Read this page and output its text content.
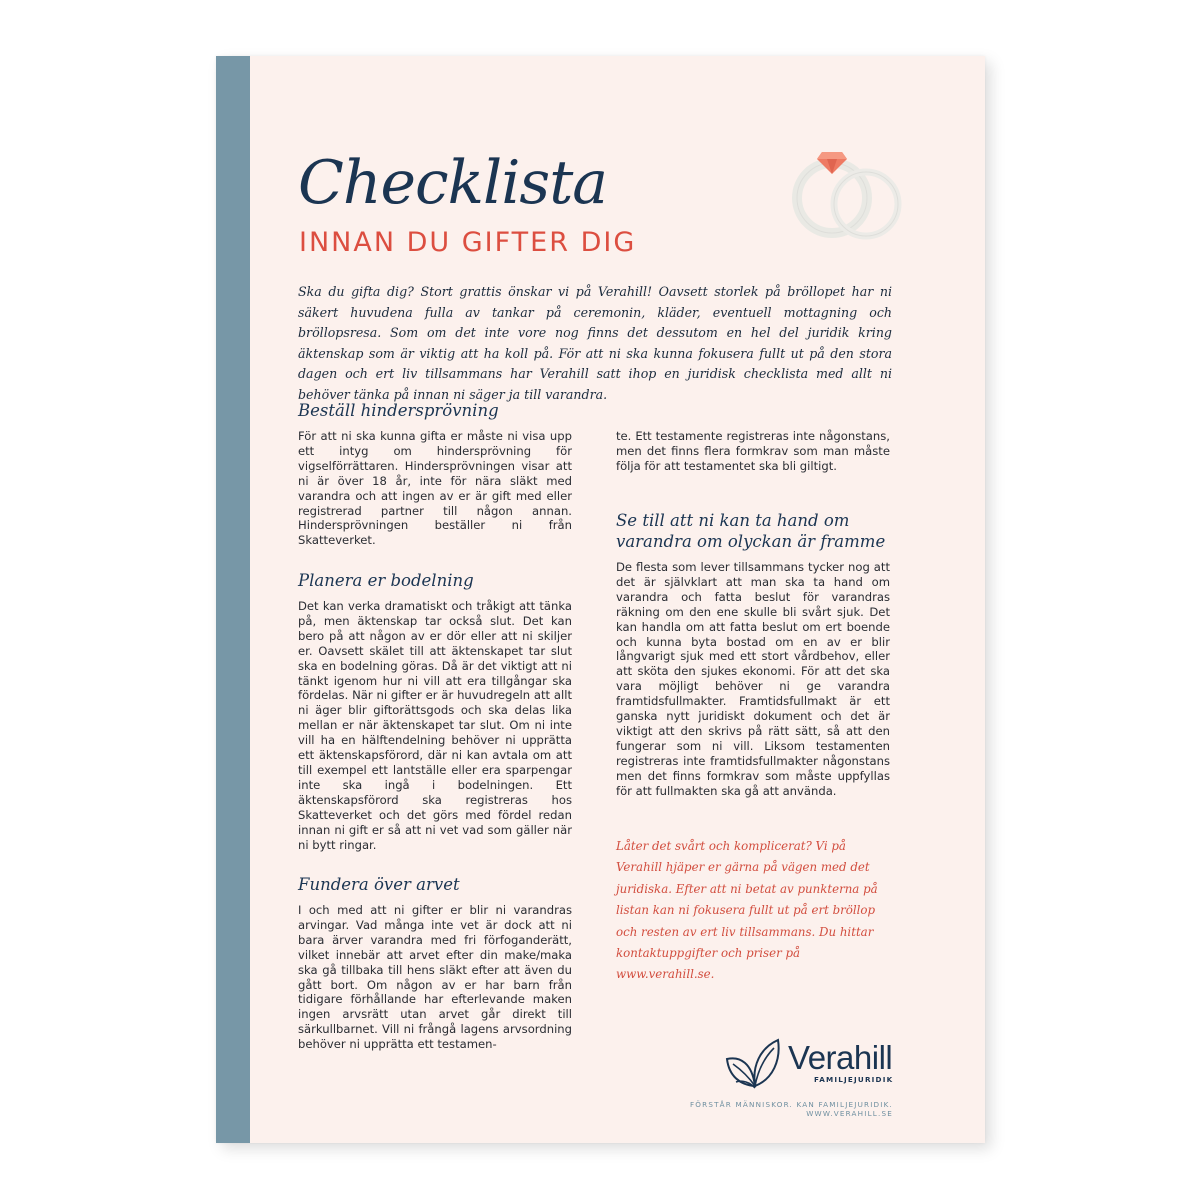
Checklista
INNAN DU GIFTER DIG

Ska du gifta dig? Stort grattis önskar vi på Verahill! Oavsett storlek på bröllopet har ni säkert huvudena fulla av tankar på ceremonin, kläder, eventuell mottagning och bröllopsresa. Som om det inte vore nog finns det dessutom en hel del juridik kring äktenskap som är viktig att ha koll på. För att ni ska kunna fokusera fullt ut på den stora dagen och ert liv tillsammans har Verahill satt ihop en juridisk checklista med allt ni behöver tänka på innan ni säger ja till varandra.

Beställ hindersprövning

För att ni ska kunna gifta er måste ni visa upp ett intyg om hindersprövning för vigselförrättaren. Hindersprövningen visar att ni är över 18 år, inte för nära släkt med varandra och att ingen av er är gift med eller registrerad partner till någon annan. Hindersprövningen beställer ni från Skatteverket.

Planera er bodelning

Det kan verka dramatiskt och tråkigt att tänka på, men äktenskap tar också slut. Det kan bero på att någon av er dör eller att ni skiljer er. Oavsett skälet till att äktenskapet tar slut ska en bodelning göras. Då är det viktigt att ni tänkt igenom hur ni vill att era tillgångar ska fördelas. När ni gifter er är huvudregeln att allt ni äger blir giftorättsgods och ska delas lika mellan er när äktenskapet tar slut. Om ni inte vill ha en hälftendelning behöver ni upprätta ett äktenskapsförord, där ni kan avtala om att till exempel ett lantställe eller era sparpengar inte ska ingå i bodelningen. Ett äktenskapsförord ska registreras hos Skatteverket och det görs med fördel redan innan ni gift er så att ni vet vad som gäller när ni bytt ringar.

Fundera över arvet

I och med att ni gifter er blir ni varandras arvingar. Vad många inte vet är dock att ni bara ärver varandra med fri förfoganderätt, vilket innebär att arvet efter din make/maka ska gå tillbaka till hens släkt efter att även du gått bort. Om någon av er har barn från tidigare förhållande har efterlevande maken ingen arvsrätt utan arvet går direkt till särkullbarnet. Vill ni frångå lagens arvsordning behöver ni upprätta ett testamen-

te. Ett testamente registreras inte någonstans, men det finns flera formkrav som man måste följa för att testamentet ska bli giltigt.

Se till att ni kan ta hand om varandra om olyckan är framme

De flesta som lever tillsammans tycker nog att det är självklart att man ska ta hand om varandra och fatta beslut för varandras räkning om den ene skulle bli svårt sjuk. Det kan handla om att fatta beslut om ert boende och kunna byta bostad om en av er blir långvarigt sjuk med ett stort vårdbehov, eller att sköta den sjukes ekonomi. För att det ska vara möjligt behöver ni ge varandra framtidsfullmakter. Framtidsfullmakt är ett ganska nytt juridiskt dokument och det är viktigt att den skrivs på rätt sätt, så att den fungerar som ni vill. Liksom testamenten registreras inte framtidsfullmakter någonstans men det finns formkrav som måste uppfyllas för att fullmakten ska gå att använda.

Låter det svårt och komplicerat? Vi på Verahill hjäper er gärna på vägen med det juridiska. Efter att ni betat av punkterna på listan kan ni fokusera fullt ut på ert bröllop och resten av ert liv tillsammans. Du hittar kontaktuppgifter och priser på www.verahill.se.

Verahill
FAMILJEJURIDIK
FÖRSTÅR MÄNNISKOR. KAN FAMILJEJURIDIK. WWW.VERAHILL.SE
